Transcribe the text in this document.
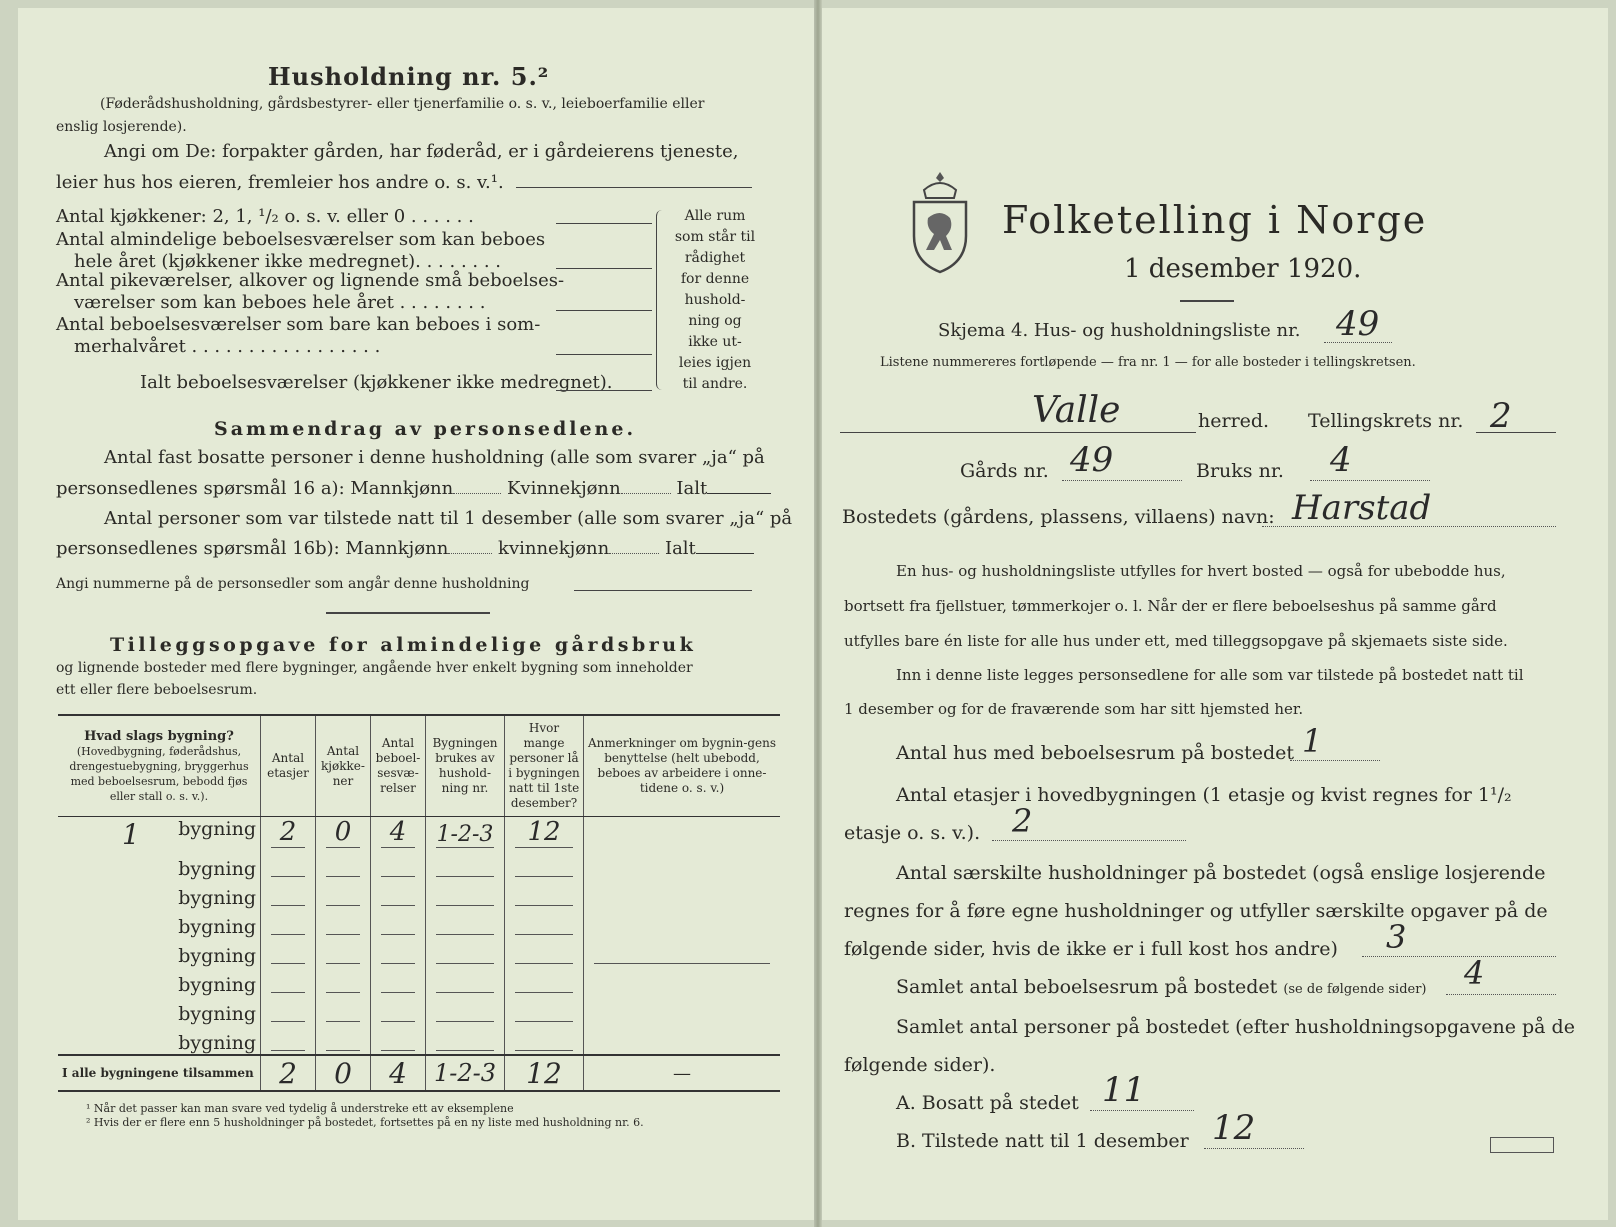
Husholdning nr. 5.²
(Føderådshusholdning, gårdsbestyrer- eller tjenerfamilie o. s. v., leieboerfamilie eller
enslig losjerende).
Angi om De: forpakter gården, har føderåd, er i gårdeierens tjeneste,
leier hus hos eieren, fremleier hos andre o. s. v.¹.
Antal kjøkkener: 2, 1, ¹/₂ o. s. v. eller 0 . . . . . .
Antal almindelige beboelsesværelser som kan beboes
hele året (kjøkkener ikke medregnet). . . . . . . .
Antal pikeværelser, alkover og lignende små beboelses-
værelser som kan beboes hele året . . . . . . . .
Antal beboelsesværelser som bare kan beboes i som-
merhalvåret . . . . . . . . . . . . . . . . .
Ialt beboelsesværelser (kjøkkener ikke medregnet).
Alle rum
som står til
rådighet
for denne
hushold-
ning og
ikke ut-
leies igjen
til andre.
Sammendrag av personsedlene.
Antal fast bosatte personer i denne husholdning (alle som svarer „ja“ på
personsedlenes spørsmål 16 a): Mannkjønn	Kvinnekjønn	Ialt
Antal personer som var tilstede natt til 1 desember (alle som svarer „ja“ på
personsedlenes spørsmål 16b): Mannkjønn	kvinnekjønn	Ialt
Angi nummerne på de personsedler som angår denne husholdning
Tilleggsopgave for almindelige gårdsbruk
og lignende bosteder med flere bygninger, angående hver enkelt bygning som inneholder
ett eller flere beboelsesrum.
Hvad slags bygning?
(Hovedbygning, føderådshus, drengestuebygning, bryggerhus med beboelsesrum, bebodd fjøs eller stall o. s. v.).	Antal etasjer	Antal kjøkke-ner	Antal beboel-sesvæ-relser	Bygningen brukes av hushold-ning nr.	Hvor mange personer lå i bygningen natt til 1ste desember?	Anmerkninger om bygnin-gens benyttelse (helt ubebodd, beboes av arbeidere i onne-tidene o. s. v.)

1 bygning	2	0	4	1-2-3	12

bygning	

bygning	

bygning	

bygning	

bygning	

bygning	

bygning	

I alle bygningene tilsammen	2	0	4	1-2-3	12	—
¹ Når det passer kan man svare ved tydelig å understreke ett av eksemplene
² Hvis der er flere enn 5 husholdninger på bostedet, fortsettes på en ny liste med husholdning nr. 6.
Folketelling i Norge
1 desember 1920.
Skjema 4. Hus- og husholdningsliste nr. 49
Listene nummereres fortløpende — fra nr. 1 — for alle bosteder i tellingskretsen.
Valle	herred. Tellingskrets nr. 2
Gårds nr. 49	Bruks nr. 4
Bostedets (gårdens, plassens, villaens) navn: Harstad
En hus- og husholdningsliste utfylles for hvert bosted — også for ubebodde hus,
bortsett fra fjellstuer, tømmerkojer o. l. Når der er flere beboelseshus på samme gård
utfylles bare én liste for alle hus under ett, med tilleggsopgave på skjemaets siste side.
Inn i denne liste legges personsedlene for alle som var tilstede på bostedet natt til
1 desember og for de fraværende som har sitt hjemsted her.
Antal hus med beboelsesrum på bostedet 1
Antal etasjer i hovedbygningen (1 etasje og kvist regnes for 1¹/₂
etasje o. s. v.). 2
Antal særskilte husholdninger på bostedet (også enslige losjerende
regnes for å føre egne husholdninger og utfyller særskilte opgaver på de
følgende sider, hvis de ikke er i full kost hos andre) 3
Samlet antal beboelsesrum på bostedet (se de følgende sider) 4
Samlet antal personer på bostedet (efter husholdningsopgavene på de
følgende sider).
A. Bosatt på stedet 11
B. Tilstede natt til 1 desember 12
